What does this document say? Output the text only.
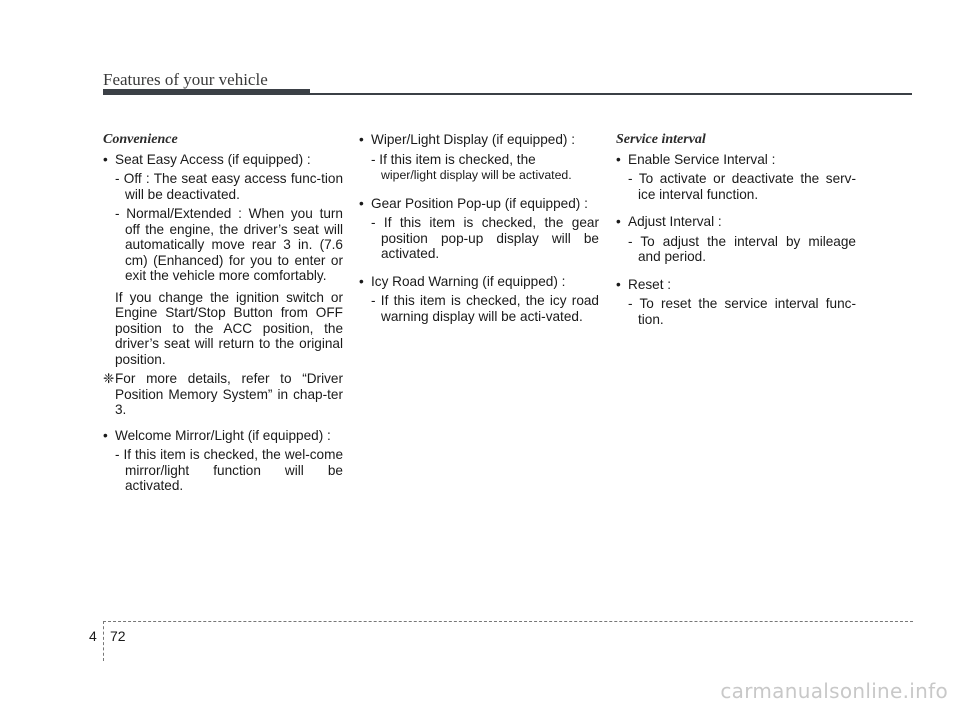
Features of your vehicle
Convenience
• Seat Easy Access (if equipped) :
- Off : The seat easy access func-tion will be deactivated.
- Normal/Extended : When you turn off the engine, the driver’s seat will automatically move rear 3 in. (7.6 cm) (Enhanced) for you to enter or exit the vehicle more comfortably.
If you change the ignition switch or Engine Start/Stop Button from OFF position to the ACC position, the driver’s seat will return to the original position.
❈For more details, refer to “Driver Position Memory System” in chap-ter 3.
• Welcome Mirror/Light (if equipped) :
- If this item is checked, the wel-come mirror/light function will be activated.
• Wiper/Light Display (if equipped) :
- If this item is checked, the
wiper/light display will be activated.
• Gear Position Pop-up (if equipped) :
- If this item is checked, the gear position pop-up display will be activated.
• Icy Road Warning (if equipped) :
- If this item is checked, the icy road warning display will be acti-vated.
Service interval
• Enable Service Interval :
- To activate or deactivate the serv-ice interval function.
• Adjust Interval :
- To adjust the interval by mileage and period.
• Reset :
- To reset the service interval func-tion.
4 72
carmanualsonline.info
